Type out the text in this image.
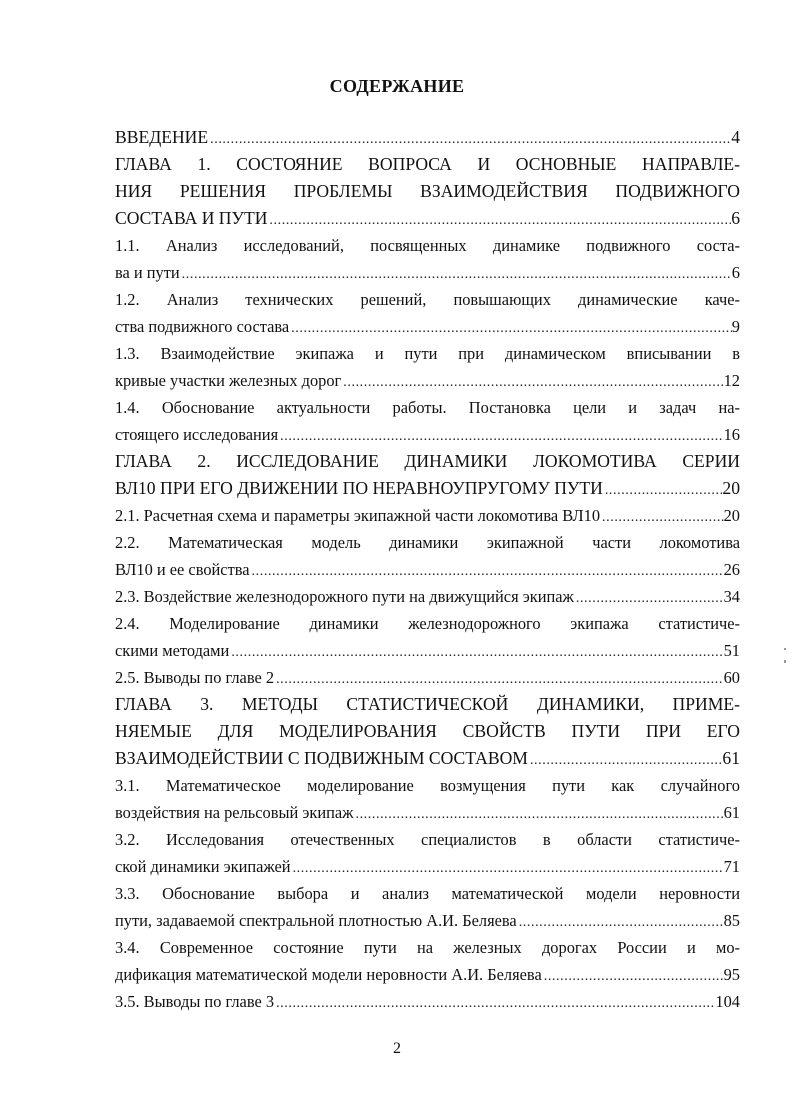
СОДЕРЖАНИЕ
ВВЕДЕНИЕ .....	4
ГЛАВА 1. СОСТОЯНИЕ ВОПРОСА И ОСНОВНЫЕ НАПРАВЛЕ-
НИЯ РЕШЕНИЯ ПРОБЛЕМЫ ВЗАИМОДЕЙСТВИЯ ПОДВИЖНОГО
СОСТАВА И ПУТИ .....	6
1.1. Анализ исследований, посвященных динамике подвижного соста-
ва и пути .....	6
1.2. Анализ технических решений, повышающих динамические каче-
ства подвижного состава .....	9
1.3. Взаимодействие экипажа и пути при динамическом вписывании в
кривые участки железных дорог .....	12
1.4. Обоснование актуальности работы. Постановка цели и задач на-
стоящего исследования .....	16
ГЛАВА 2. ИССЛЕДОВАНИЕ ДИНАМИКИ ЛОКОМОТИВА СЕРИИ
ВЛ10 ПРИ ЕГО ДВИЖЕНИИ ПО НЕРАВНОУПРУГОМУ ПУТИ .....	20
2.1. Расчетная схема и параметры экипажной части локомотива ВЛ10 .....	20
2.2. Математическая модель динамики экипажной части локомотива
ВЛ10 и ее свойства .....	26
2.3. Воздействие железнодорожного пути на движущийся экипаж .....	34
2.4. Моделирование динамики железнодорожного экипажа статистиче-
скими методами .....	51
2.5. Выводы по главе 2 .....	60
ГЛАВА 3. МЕТОДЫ СТАТИСТИЧЕСКОЙ ДИНАМИКИ, ПРИМЕ-
НЯЕМЫЕ ДЛЯ МОДЕЛИРОВАНИЯ СВОЙСТВ ПУТИ ПРИ ЕГО
ВЗАИМОДЕЙСТВИИ С ПОДВИЖНЫМ СОСТАВОМ .....	61
3.1. Математическое моделирование возмущения пути как случайного
воздействия на рельсовый экипаж .....	61
3.2. Исследования отечественных специалистов в области статистиче-
ской динамики экипажей .....	71
3.3. Обоснование выбора и анализ математической модели неровности
пути, задаваемой спектральной плотностью А.И. Беляева .....	85
3.4. Современное состояние пути на железных дорогах России и мо-
дификация математической модели неровности А.И. Беляева .....	95
3.5. Выводы по главе 3 .....	104
2
